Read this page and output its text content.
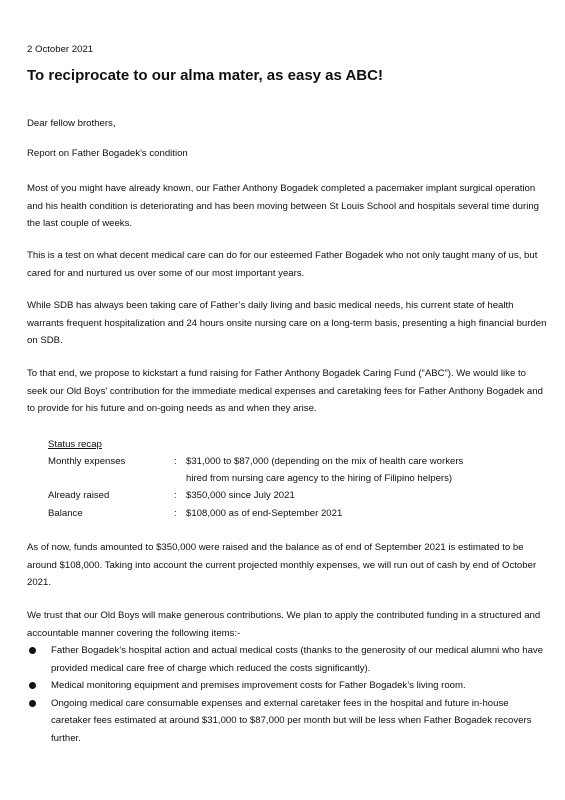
2 October 2021

To reciprocate to our alma mater, as easy as ABC!

Dear fellow brothers,

Report on Father Bogadek's condition

Most of you might have already known, our Father Anthony Bogadek completed a pacemaker implant surgical operation and his health condition is deteriorating and has been moving between St Louis School and hospitals several time during the last couple of weeks.

This is a test on what decent medical care can do for our esteemed Father Bogadek who not only taught many of us, but cared for and nurtured us over some of our most important years.

While SDB has always been taking care of Father’s daily living and basic medical needs, his current state of health warrants frequent hospitalization and 24 hours onsite nursing care on a long-term basis, presenting a high financial burden on SDB.

To that end, we propose to kickstart a fund raising for Father Anthony Bogadek Caring Fund (“ABC”). We would like to seek our Old Boys' contribution for the immediate medical expenses and caretaking fees for Father Anthony Bogadek and to provide for his future and on-going needs as and when they arise.

Status recap
Monthly expenses	: $31,000 to $87,000 (depending on the mix of health care workers
hired from nursing care agency to the hiring of Filipino helpers)
Already raised	: $350,000 since July 2021
Balance	: $108,000 as of end-September 2021

As of now, funds amounted to $350,000 were raised and the balance as of end of September 2021 is estimated to be around $108,000. Taking into account the current projected monthly expenses, we will run out of cash by end of October 2021.

We trust that our Old Boys will make generous contributions. We plan to apply the contributed funding in a structured and accountable manner covering the following items:-

Father Bogadek’s hospital action and actual medical costs (thanks to the generosity of our medical alumni who have provided medical care free of charge which reduced the costs significantly).
Medical monitoring equipment and premises improvement costs for Father Bogadek’s living room.
Ongoing medical care consumable expenses and external caretaker fees in the hospital and future in-house caretaker fees estimated at around $31,000 to $87,000 per month but will be less when Father Bogadek recovers further.
